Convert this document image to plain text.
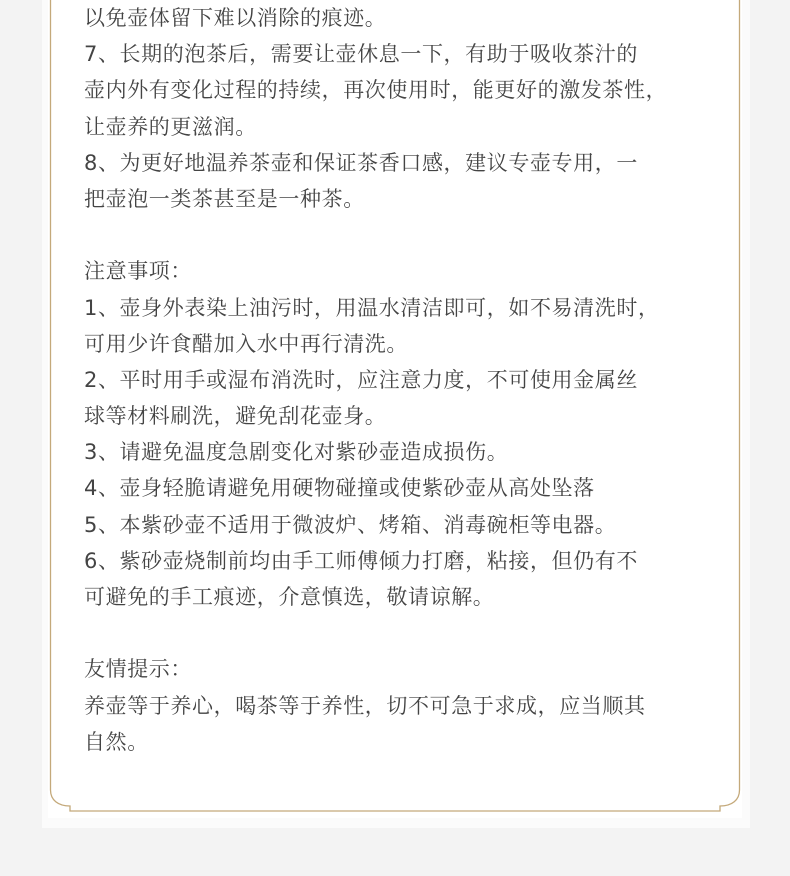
以免壶体留下难以消除的痕迹。
7、长期的泡茶后，需要让壶休息一下，有助于吸收茶汁的
壶内外有变化过程的持续，再次使用时，能更好的激发茶性，
让壶养的更滋润。
8、为更好地温养茶壶和保证茶香口感，建议专壶专用，一
把壶泡一类茶甚至是一种茶。
注意事项：
1、壶身外表染上油污时，用温水清洁即可，如不易清洗时，
可用少许食醋加入水中再行清洗。
2、平时用手或湿布消洗时，应注意力度，不可使用金属丝
球等材料刷洗，避免刮花壶身。
3、请避免温度急剧变化对紫砂壶造成损伤。
4、壶身轻脆请避免用硬物碰撞或使紫砂壶从高处坠落
5、本紫砂壶不适用于微波炉、烤箱、消毒碗柜等电器。
6、紫砂壶烧制前均由手工师傅倾力打磨，粘接，但仍有不
可避免的手工痕迹，介意慎选，敬请谅解。
友情提示：
养壶等于养心，喝茶等于养性，切不可急于求成，应当顺其
自然。
